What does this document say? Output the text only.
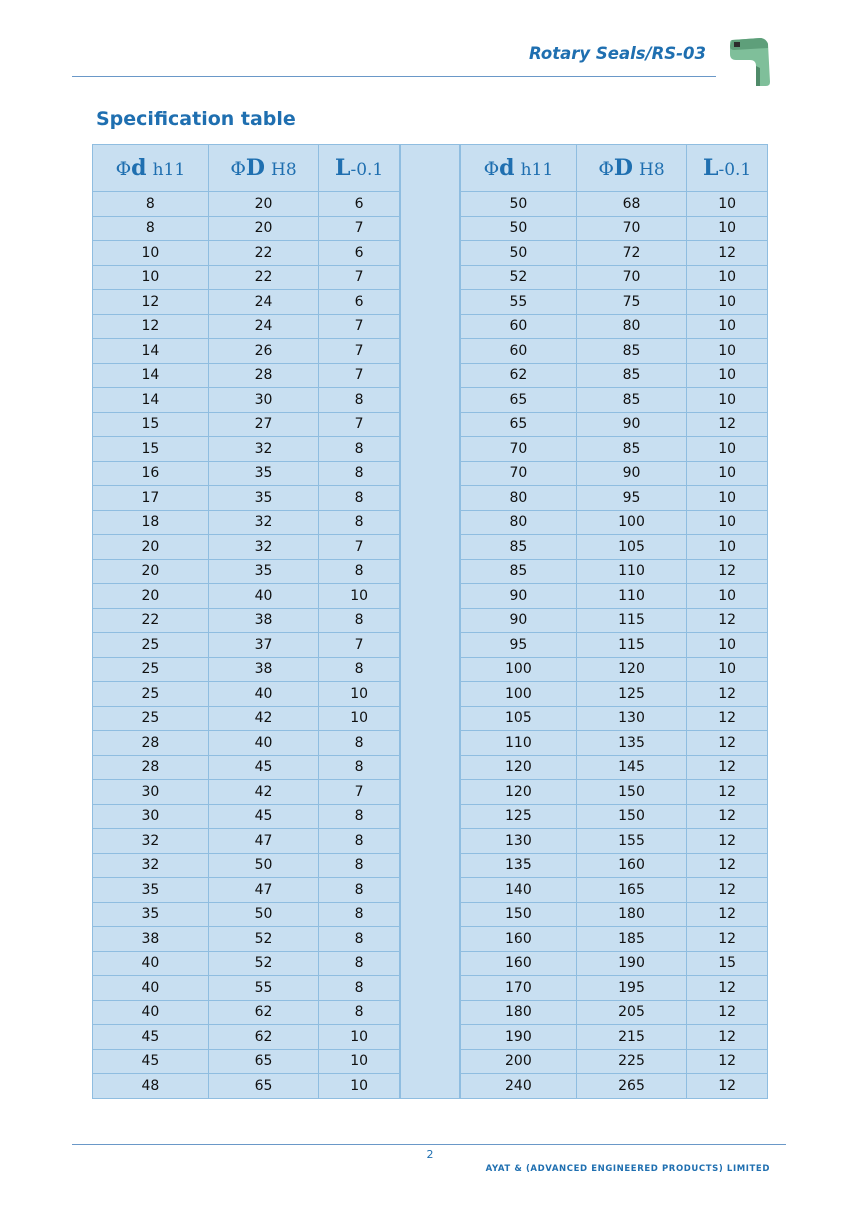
Rotary Seals/RS-03
Specification table
Φd h11	ΦD H8	L-0.1
8	20	6
8	20	7
10	22	6
10	22	7
12	24	6
12	24	7
14	26	7
14	28	7
14	30	8
15	27	7
15	32	8
16	35	8
17	35	8
18	32	8
20	32	7
20	35	8
20	40	10
22	38	8
25	37	7
25	38	8
25	40	10
25	42	10
28	40	8
28	45	8
30	42	7
30	45	8
32	47	8
32	50	8
35	47	8
35	50	8
38	52	8
40	52	8
40	55	8
40	62	8
45	62	10
45	65	10
48	65	10
Φd h11	ΦD H8	L-0.1
50	68	10
50	70	10
50	72	12
52	70	10
55	75	10
60	80	10
60	85	10
62	85	10
65	85	10
65	90	12
70	85	10
70	90	10
80	95	10
80	100	10
85	105	10
85	110	12
90	110	10
90	115	12
95	115	10
100	120	10
100	125	12
105	130	12
110	135	12
120	145	12
120	150	12
125	150	12
130	155	12
135	160	12
140	165	12
150	180	12
160	185	12
160	190	15
170	195	12
180	205	12
190	215	12
200	225	12
240	265	12
2
AYAT & (ADVANCED ENGINEERED PRODUCTS) LIMITED
